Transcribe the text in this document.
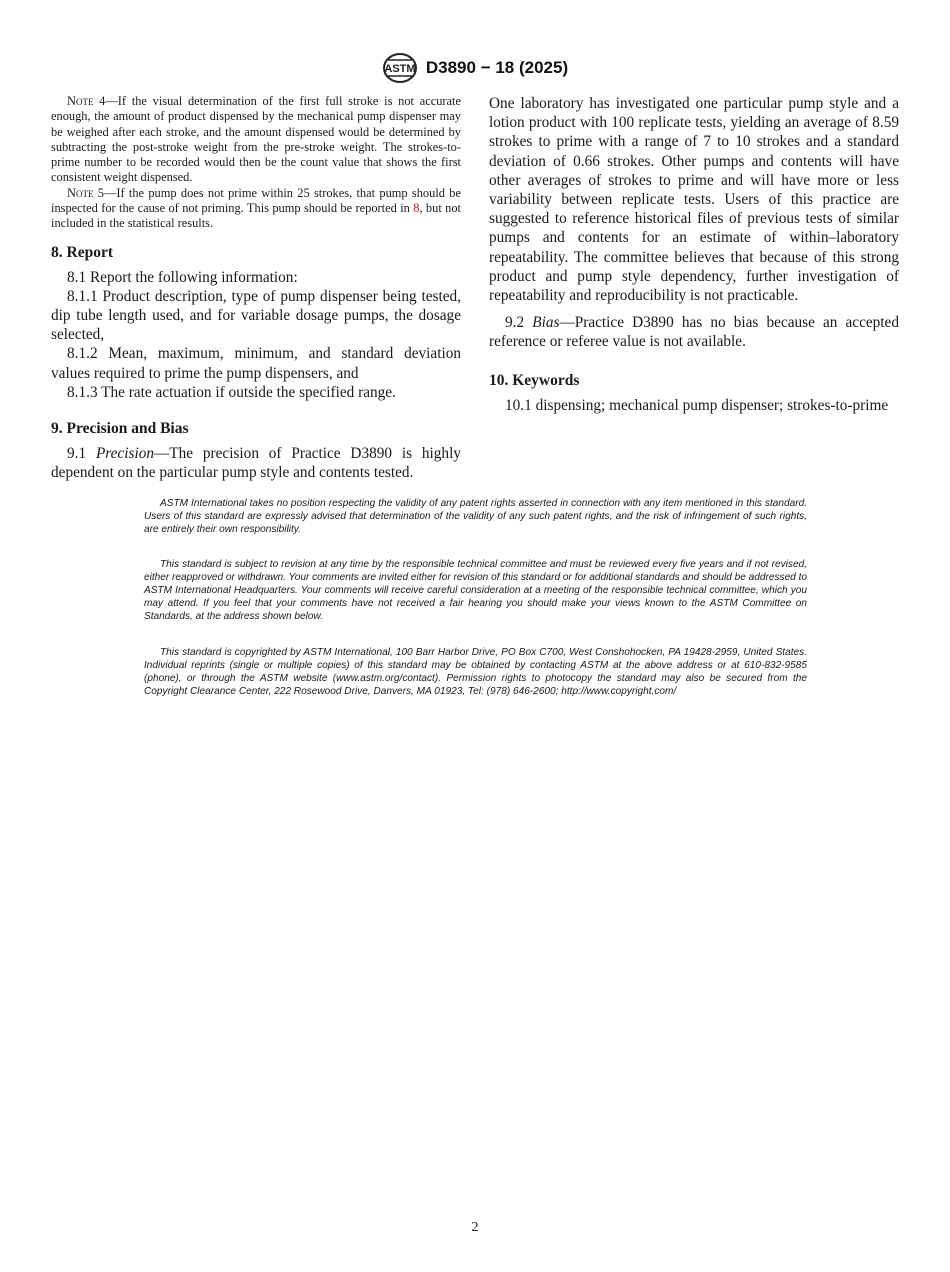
ASTM D3890 − 18 (2025)

Note 4—If the visual determination of the first full stroke is not accurate enough, the amount of product dispensed by the mechanical pump dispenser may be weighed after each stroke, and the amount dispensed would be determined by subtracting the post-stroke weight from the pre-stroke weight. The strokes-to-prime number to be recorded would then be the count value that shows the first consistent weight dispensed.

Note 5—If the pump does not prime within 25 strokes, that pump should be inspected for the cause of not priming. This pump should be reported in 8, but not included in the statistical results.

8. Report

8.1 Report the following information:

8.1.1 Product description, type of pump dispenser being tested, dip tube length used, and for variable dosage pumps, the dosage selected,

8.1.2 Mean, maximum, minimum, and standard deviation values required to prime the pump dispensers, and

8.1.3 The rate actuation if outside the specified range.

9. Precision and Bias

9.1 Precision—The precision of Practice D3890 is highly dependent on the particular pump style and contents tested.

One laboratory has investigated one particular pump style and a lotion product with 100 replicate tests, yielding an average of 8.59 strokes to prime with a range of 7 to 10 strokes and a standard deviation of 0.66 strokes. Other pumps and contents will have other averages of strokes to prime and will have more or less variability between replicate tests. Users of this practice are suggested to reference historical files of previous tests of similar pumps and contents for an estimate of within–laboratory repeatability. The committee believes that because of this strong product and pump style dependency, further investigation of repeatability and reproducibility is not practicable.

9.2 Bias—Practice D3890 has no bias because an accepted reference or referee value is not available.

10. Keywords

10.1 dispensing; mechanical pump dispenser; strokes-to-prime

ASTM International takes no position respecting the validity of any patent rights asserted in connection with any item mentioned in this standard. Users of this standard are expressly advised that determination of the validity of any such patent rights, and the risk of infringement of such rights, are entirely their own responsibility.

This standard is subject to revision at any time by the responsible technical committee and must be reviewed every five years and if not revised, either reapproved or withdrawn. Your comments are invited either for revision of this standard or for additional standards and should be addressed to ASTM International Headquarters. Your comments will receive careful consideration at a meeting of the responsible technical committee, which you may attend. If you feel that your comments have not received a fair hearing you should make your views known to the ASTM Committee on Standards, at the address shown below.

This standard is copyrighted by ASTM International, 100 Barr Harbor Drive, PO Box C700, West Conshohocken, PA 19428-2959, United States. Individual reprints (single or multiple copies) of this standard may be obtained by contacting ASTM at the above address or at 610-832-9585 (phone), or through the ASTM website (www.astm.org/contact). Permission rights to photocopy the standard may also be secured from the Copyright Clearance Center, 222 Rosewood Drive, Danvers, MA 01923, Tel: (978) 646-2600; http://www.copyright.com/

2
